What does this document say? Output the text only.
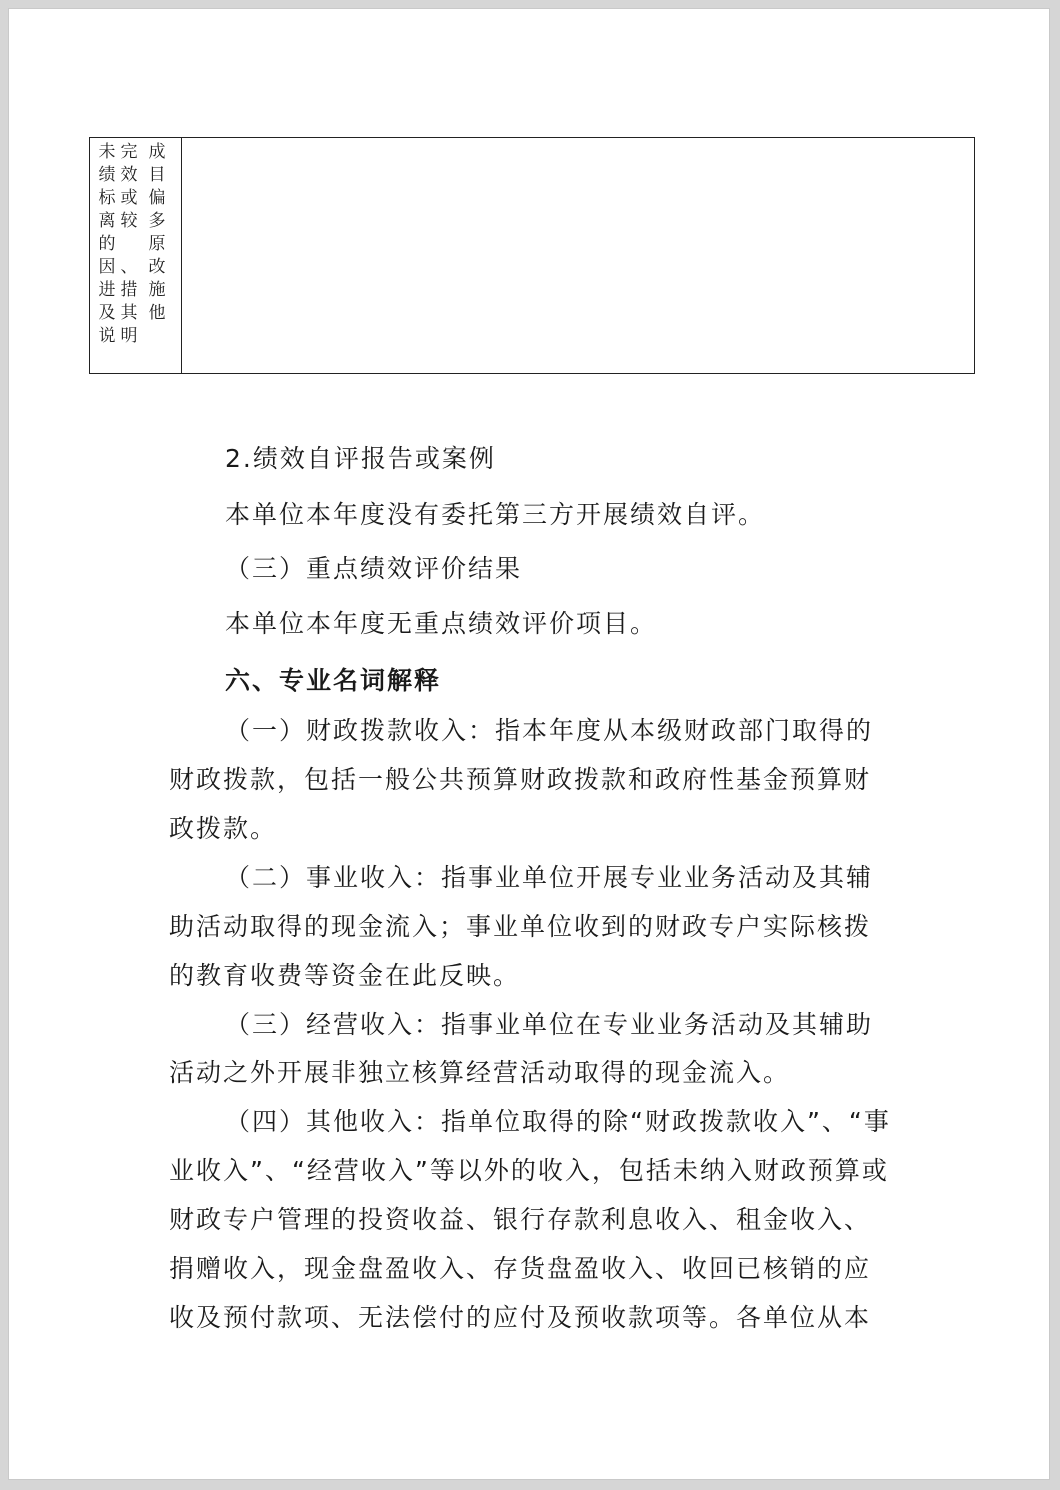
未
绩
标
离
的
因
进
及
说
完
效
或
较

、
措
其
明
成
目
偏
多
原
改
施
他
2.绩效自评报告或案例
本单位本年度没有委托第三方开展绩效自评。
（三）重点绩效评价结果
本单位本年度无重点绩效评价项目。
六、专业名词解释
（一）财政拨款收入：指本年度从本级财政部门取得的
财政拨款，包括一般公共预算财政拨款和政府性基金预算财
政拨款。
（二）事业收入：指事业单位开展专业业务活动及其辅
助活动取得的现金流入；事业单位收到的财政专户实际核拨
的教育收费等资金在此反映。
（三）经营收入：指事业单位在专业业务活动及其辅助
活动之外开展非独立核算经营活动取得的现金流入。
（四）其他收入：指单位取得的除“财政拨款收入”、“事
业收入”、“经营收入”等以外的收入，包括未纳入财政预算或
财政专户管理的投资收益、银行存款利息收入、租金收入、
捐赠收入，现金盘盈收入、存货盘盈收入、收回已核销的应
收及预付款项、无法偿付的应付及预收款项等。各单位从本
